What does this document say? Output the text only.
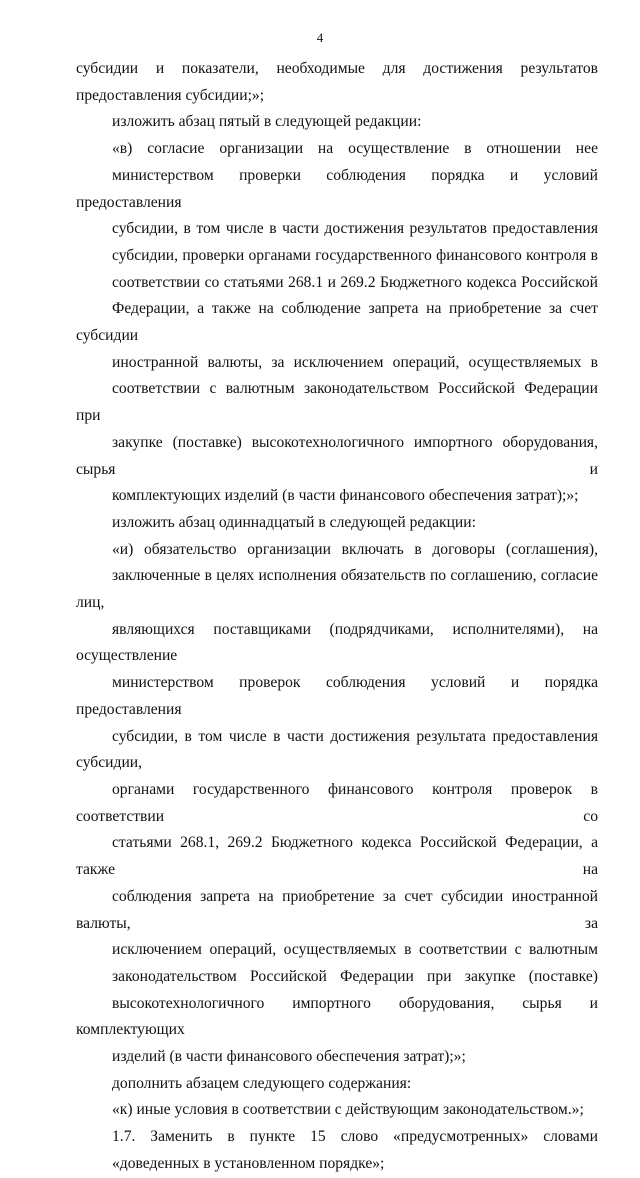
4

субсидии и показатели, необходимые для достижения результатов
предоставления субсидии;»;

изложить абзац пятый в следующей редакции:

«в) согласие организации на осуществление в отношении нее
министерством проверки соблюдения порядка и условий предоставления
субсидии, в том числе в части достижения результатов предоставления
субсидии, проверки органами государственного финансового контроля в
соответствии со статьями 268.1 и 269.2 Бюджетного кодекса Российской
Федерации, а также на соблюдение запрета на приобретение за счет субсидии
иностранной валюты, за исключением операций, осуществляемых в
соответствии с валютным законодательством Российской Федерации при
закупке (поставке) высокотехнологичного импортного оборудования, сырья и
комплектующих изделий (в части финансового обеспечения затрат);»;

изложить абзац одиннадцатый в следующей редакции:

«и) обязательство организации включать в договоры (соглашения),
заключенные в целях исполнения обязательств по соглашению, согласие лиц,
являющихся поставщиками (подрядчиками, исполнителями), на осуществление
министерством проверок соблюдения условий и порядка предоставления
субсидии, в том числе в части достижения результата предоставления субсидии,
органами государственного финансового контроля проверок в соответствии со
статьями 268.1, 269.2 Бюджетного кодекса Российской Федерации, а также на
соблюдения запрета на приобретение за счет субсидии иностранной валюты, за
исключением операций, осуществляемых в соответствии с валютным
законодательством Российской Федерации при закупке (поставке)
высокотехнологичного импортного оборудования, сырья и комплектующих
изделий (в части финансового обеспечения затрат);»;

дополнить абзацем следующего содержания:

«к) иные условия в соответствии с действующим законодательством.»;

1.7. Заменить в пункте 15 слово «предусмотренных» словами
«доведенных в установленном порядке»;
